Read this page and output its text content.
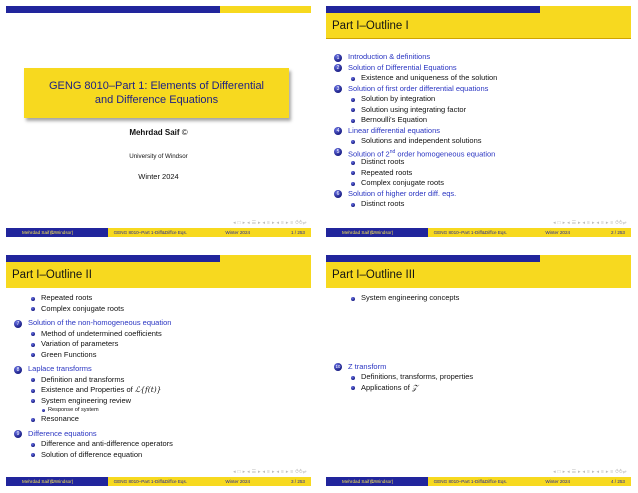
GENG 8010–Part 1: Elements of Differential and Difference Equations
Mehrdad Saif ©
University of Windsor
Winter 2024
◂ □ ▸ ◂ ☰ ▸ ◂ ≡ ▸ ◂ ≡ ▸ ≡ ⥀⥁⥂
Mehrdad Saif ©
(UWindsor)	GENG 8010–Part 1-Diff&Diffce Eqs.	Winter 2024	1 / 253
Part I–Outline I
1	Introduction & definitions
2	Solution of Differential Equations
Existence and uniqueness of the solution
3	Solution of first order differential equations
Solution by integration
Solution using integrating factor
Bernoulli's Equation
4	Linear differential equations
Solutions and independent solutions
5	Solution of 2nd order homogeneous equation
Distinct roots
Repeated roots
Complex conjugate roots
6	Solution of higher order diff. eqs.
Distinct roots
◂ □ ▸ ◂ ☰ ▸ ◂ ≡ ▸ ◂ ≡ ▸ ≡ ⥀⥁⥂
Mehrdad Saif ©
(UWindsor)	GENG 8010–Part 1-Diff&Diffce Eqs.	Winter 2024	2 / 253
Part I–Outline II
Repeated roots
Complex conjugate roots
7	Solution of the non-homogeneous equation
Method of undetermined coefficients
Variation of parameters
Green Functions
8	Laplace transforms
Definition and transforms
Existence and Properties of ℒ{f(t)}
System engineering review
Response of system
Resonance
9	Difference equations
Difference and anti-difference operators
Solution of difference equation
◂ □ ▸ ◂ ☰ ▸ ◂ ≡ ▸ ◂ ≡ ▸ ≡ ⥀⥁⥂
Mehrdad Saif ©
(UWindsor)	GENG 8010–Part 1-Diff&Diffce Eqs.	Winter 2024	3 / 253
Part I–Outline III
System engineering concepts
10 Z transform
Definitions, transforms, properties
Applications of 𝒵
◂ □ ▸ ◂ ☰ ▸ ◂ ≡ ▸ ◂ ≡ ▸ ≡ ⥀⥁⥂
Mehrdad Saif ©
(UWindsor)	GENG 8010–Part 1-Diff&Diffce Eqs.	Winter 2024	4 / 253
